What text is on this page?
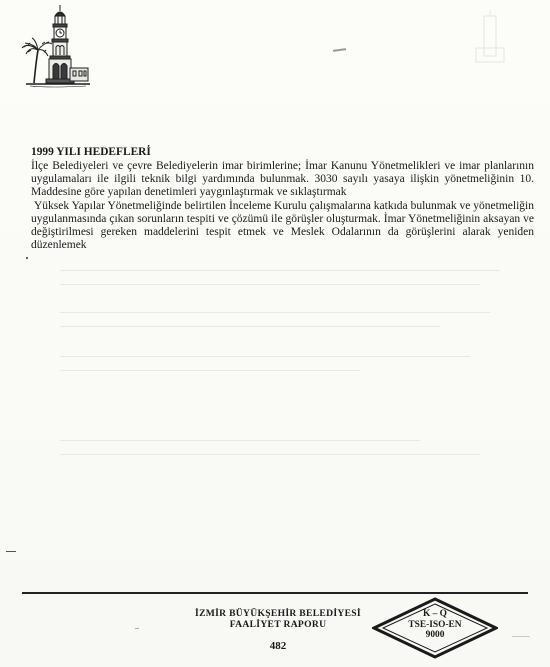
1999 YILI HEDEFLERİ

İlçe Belediyeleri ve çevre Belediyelerin imar birimlerine; İmar Kanunu Yönetmelikleri ve imar planlarının uygulamaları ile ilgili teknik bilgi yardımında bulunmak. 3030 sayılı yasaya ilişkin yönetmeliğinin 10. Maddesine göre yapılan denetimleri yaygınlaştırmak ve sıklaştırmak

Yüksek Yapılar Yönetmeliğinde belirtilen İnceleme Kurulu çalışmalarına katkıda bulunmak ve yönetmeliğin uygulanmasında çıkan sorunların tespiti ve çözümü ile görüşler oluşturmak. İmar Yönetmeliğinin aksayan ve değiştirilmesi gereken maddelerini tespit etmek ve Meslek Odalarının da görüşlerini alarak yeniden düzenlemek

İZMİR BÜYÜKŞEHİR BELEDİYESİ
FAALİYET RAPORU
482
K – Q
TSE-ISO-EN
9000
